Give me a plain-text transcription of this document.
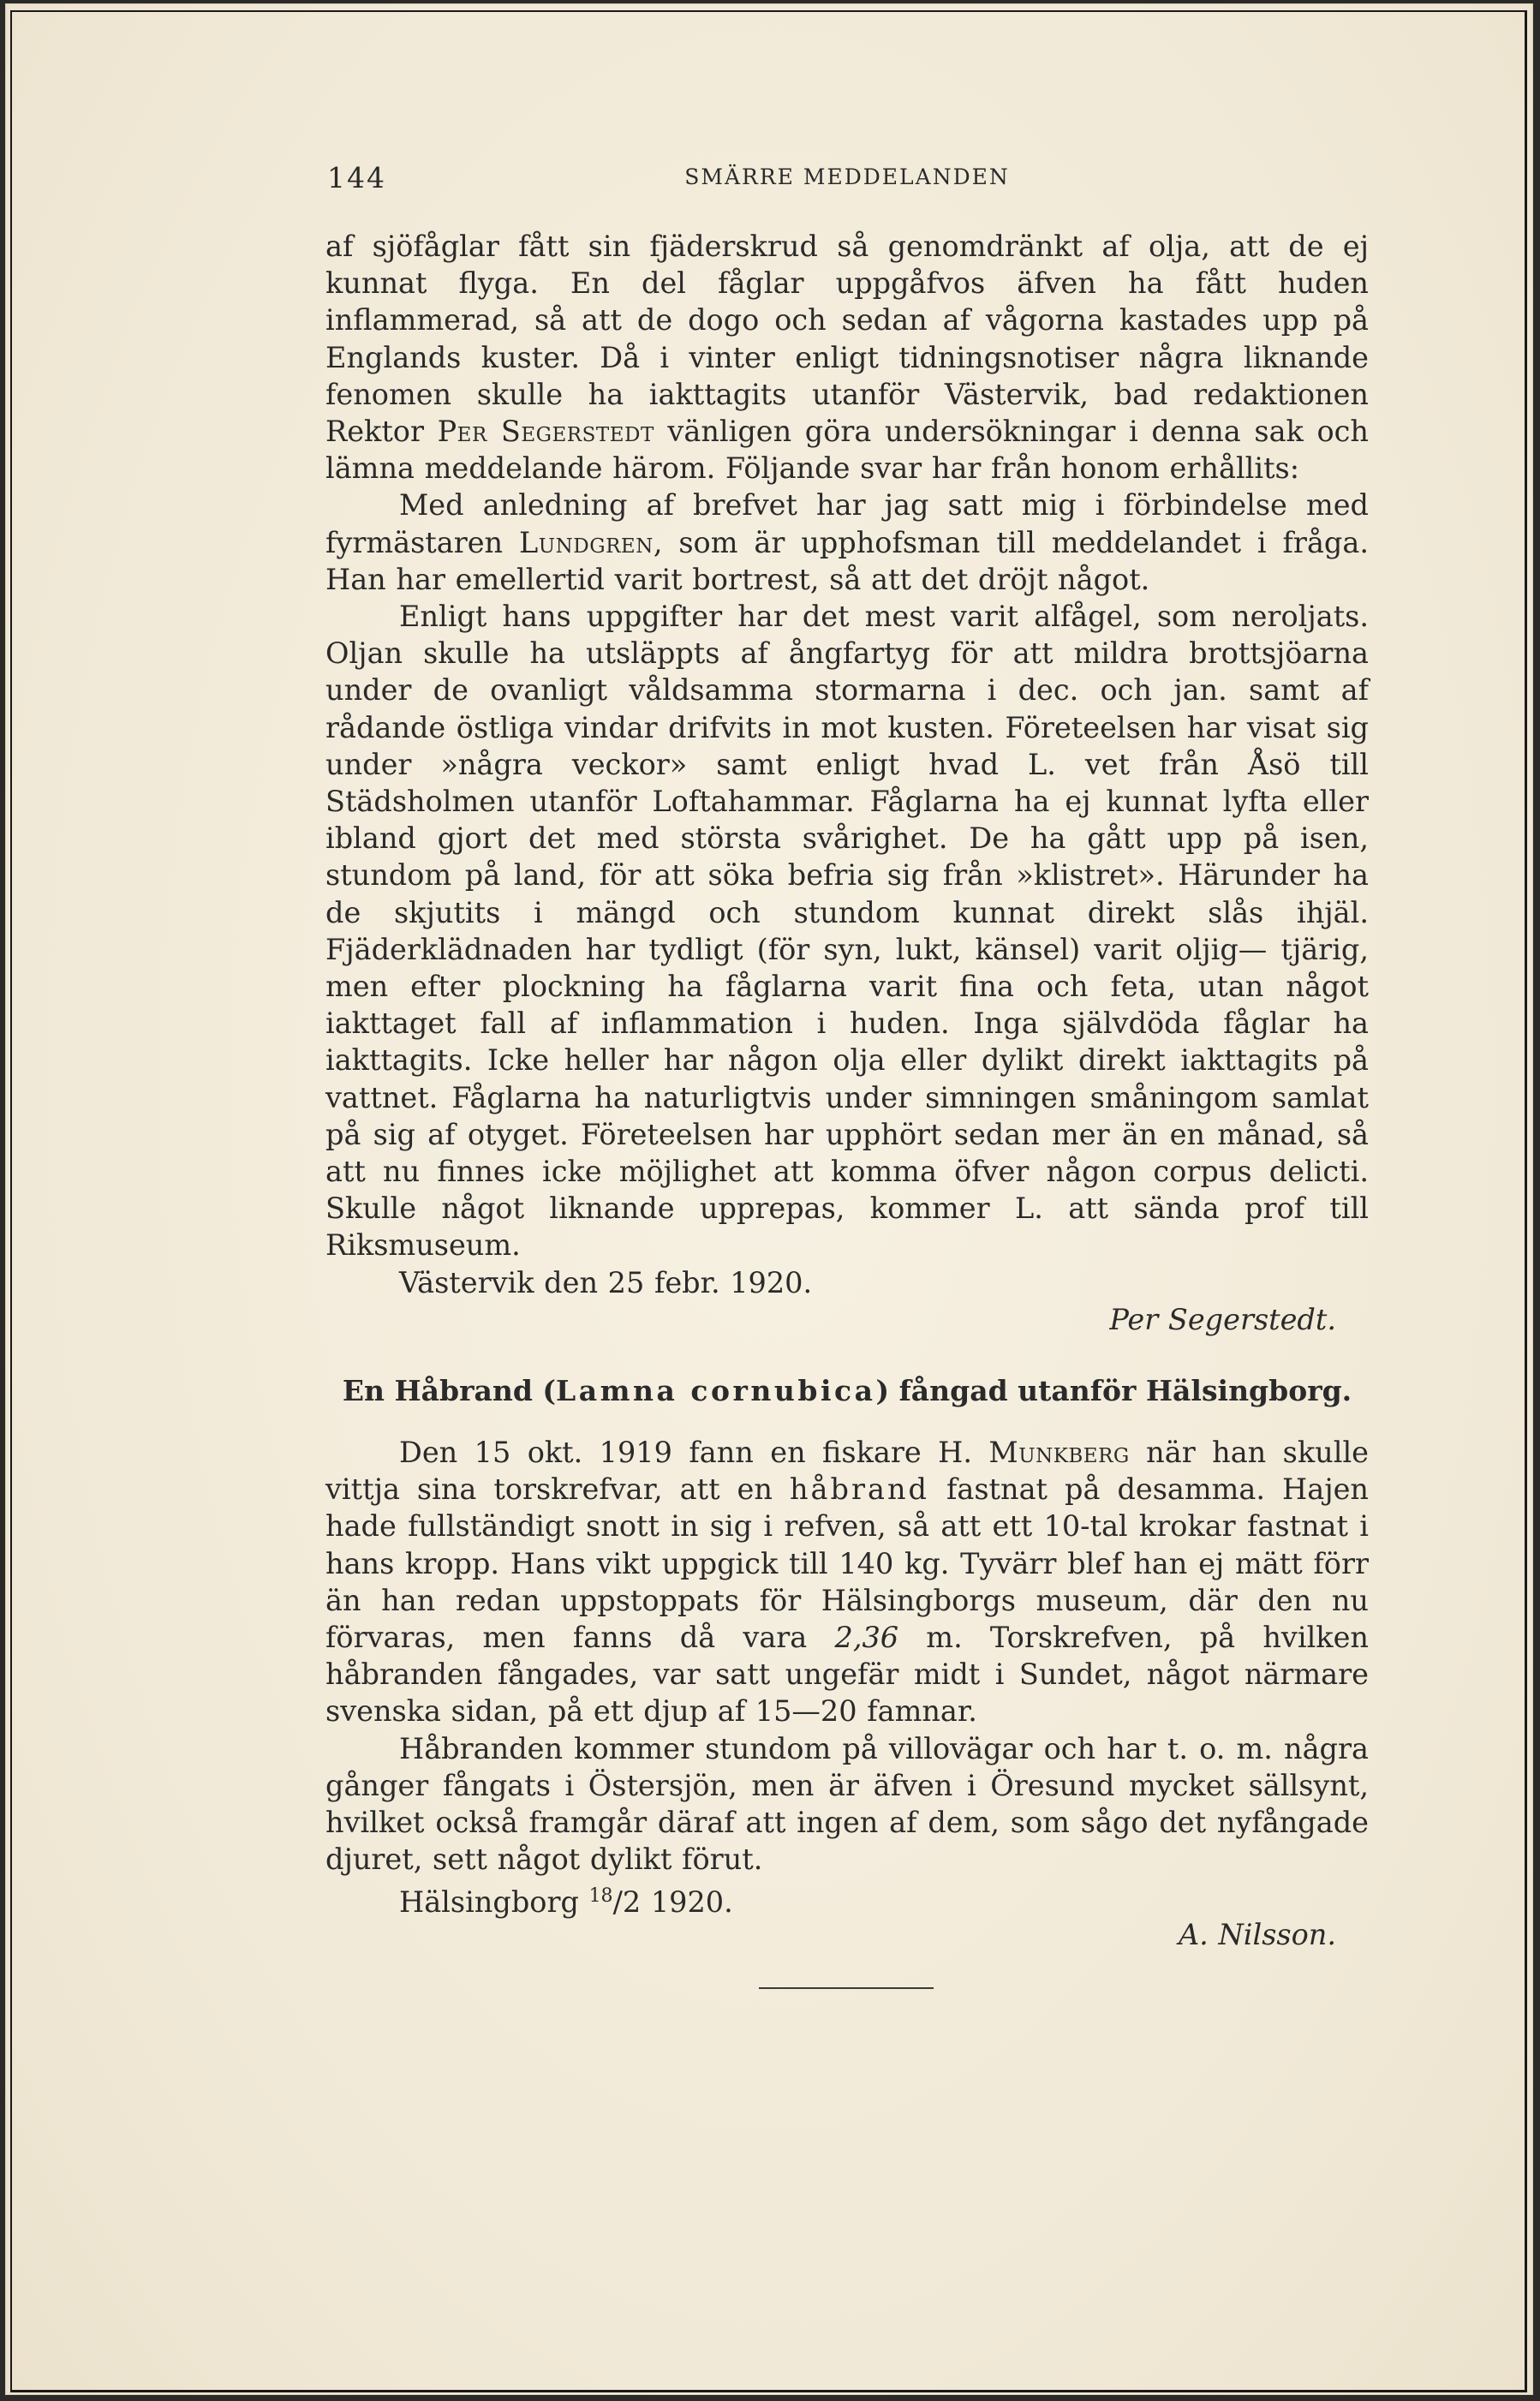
144	SMÄRRE MEDDELANDEN

af sjöfåglar fått sin fjäderskrud så genomdränkt af olja, att de ej kunnat flyga. En del fåglar uppgåfvos äfven ha fått huden inflammerad, så att de dogo och sedan af vågorna kastades upp på Englands kuster. Då i vinter enligt tidningsnotiser några liknande fenomen skulle ha iakttagits utanför Västervik, bad redaktionen Rektor Per Segerstedt vänligen göra undersökningar i denna sak och lämna meddelande härom. Följande svar har från honom erhållits:

Med anledning af brefvet har jag satt mig i förbindelse med fyrmästaren Lundgren, som är upphofsman till meddelandet i fråga. Han har emellertid varit bortrest, så att det dröjt något.

Enligt hans uppgifter har det mest varit alfågel, som neroljats. Oljan skulle ha utsläppts af ångfartyg för att mildra brottsjöarna under de ovanligt våldsamma stormarna i dec. och jan. samt af rådande östliga vindar drifvits in mot kusten. Företeelsen har visat sig under »några veckor» samt enligt hvad L. vet från Åsö till Städsholmen utanför Loftahammar. Fåglarna ha ej kunnat lyfta eller ibland gjort det med största svårighet. De ha gått upp på isen, stundom på land, för att söka befria sig från »klistret». Härunder ha de skjutits i mängd och stundom kunnat direkt slås ihjäl. Fjäderklädnaden har tydligt (för syn, lukt, känsel) varit oljig— tjärig, men efter plockning ha fåglarna varit fina och feta, utan något iakttaget fall af inflammation i huden. Inga självdöda fåglar ha iakttagits. Icke heller har någon olja eller dylikt direkt iakttagits på vattnet. Fåglarna ha naturligtvis under simningen småningom samlat på sig af otyget. Företeelsen har upphört sedan mer än en månad, så att nu finnes icke möjlighet att komma öfver någon corpus delicti. Skulle något liknande upprepas, kommer L. att sända prof till Riksmuseum.

Västervik den 25 febr. 1920.

Per Segerstedt.

En Håbrand (Lamna cornubica) fångad utanför Hälsingborg.

Den 15 okt. 1919 fann en fiskare H. Munkberg när han skulle vittja sina torskrefvar, att en håbrand fastnat på desamma. Hajen hade fullständigt snott in sig i refven, så att ett 10-tal krokar fastnat i hans kropp. Hans vikt uppgick till 140 kg. Tyvärr blef han ej mätt förr än han redan uppstoppats för Hälsingborgs museum, där den nu förvaras, men fanns då vara 2,36 m. Torskrefven, på hvilken håbranden fångades, var satt ungefär midt i Sundet, något närmare svenska sidan, på ett djup af 15—20 famnar.

Håbranden kommer stundom på villovägar och har t. o. m. några gånger fångats i Östersjön, men är äfven i Öresund mycket sällsynt, hvilket också framgår däraf att ingen af dem, som sågo det nyfångade djuret, sett något dylikt förut.

Hälsingborg $^{18}$/2 1920.

A. Nilsson.
